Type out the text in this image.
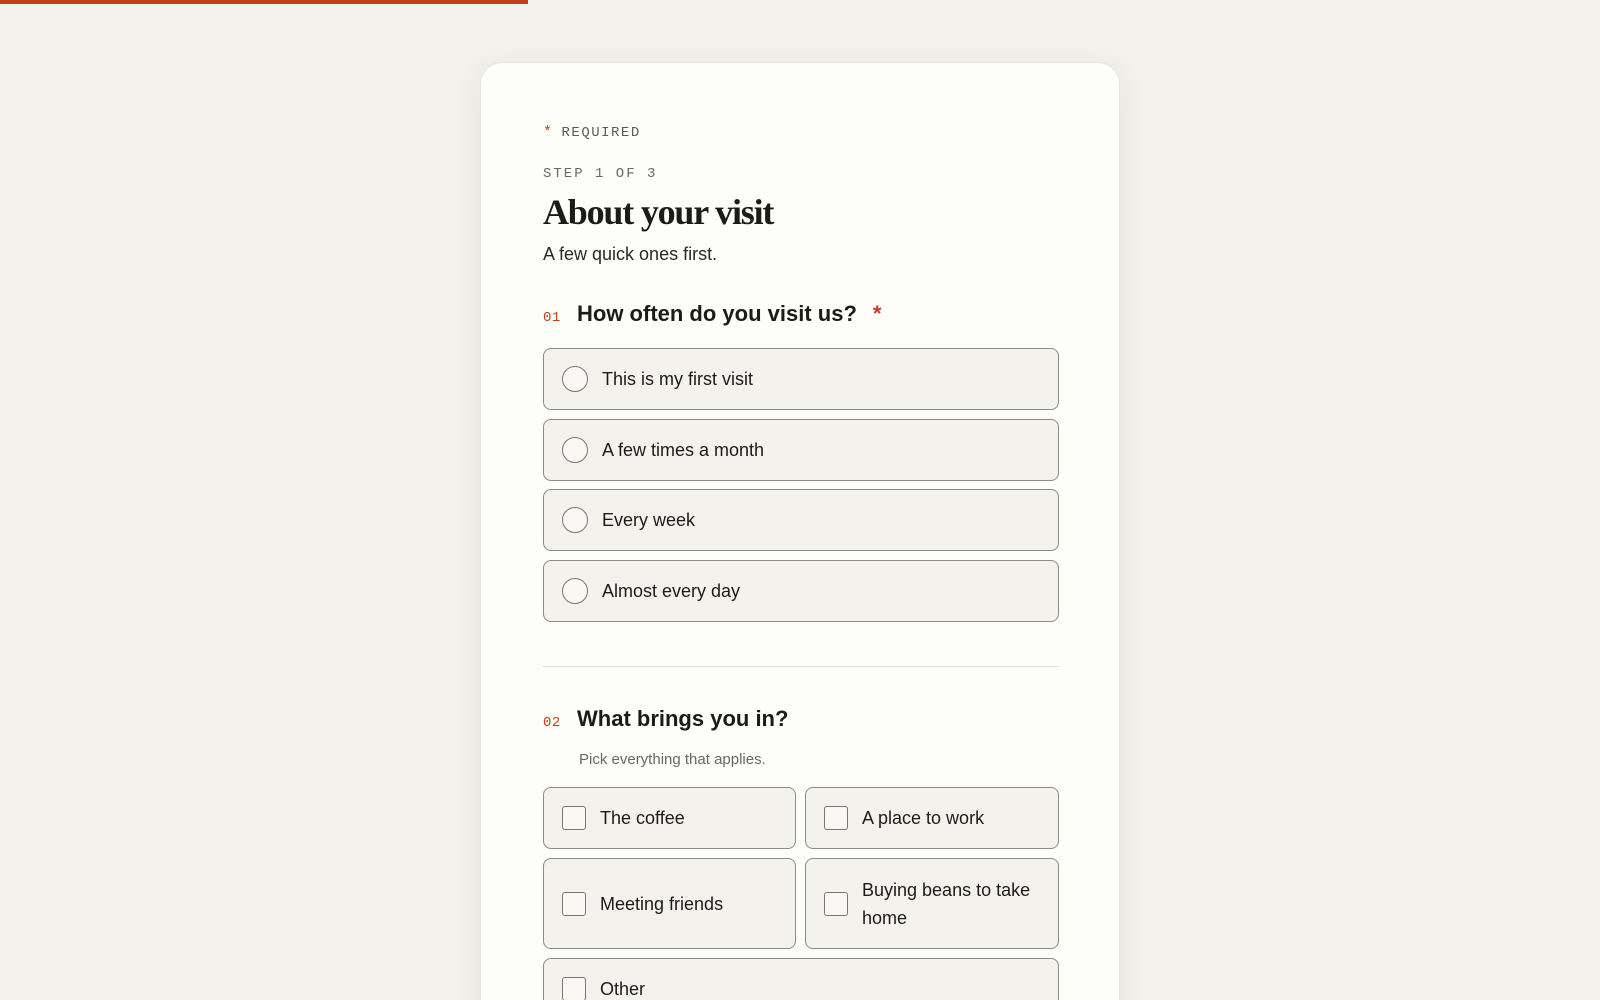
* REQUIRED
STEP 1 OF 3
About your visit

A few quick ones first.

01 How often do you visit us? *
This is my first visit
A few times a month
Every week
Almost every day
02 What brings you in?
Pick everything that applies.
The coffee	A place to work
Meeting friends
Buying beans to take home
Other
